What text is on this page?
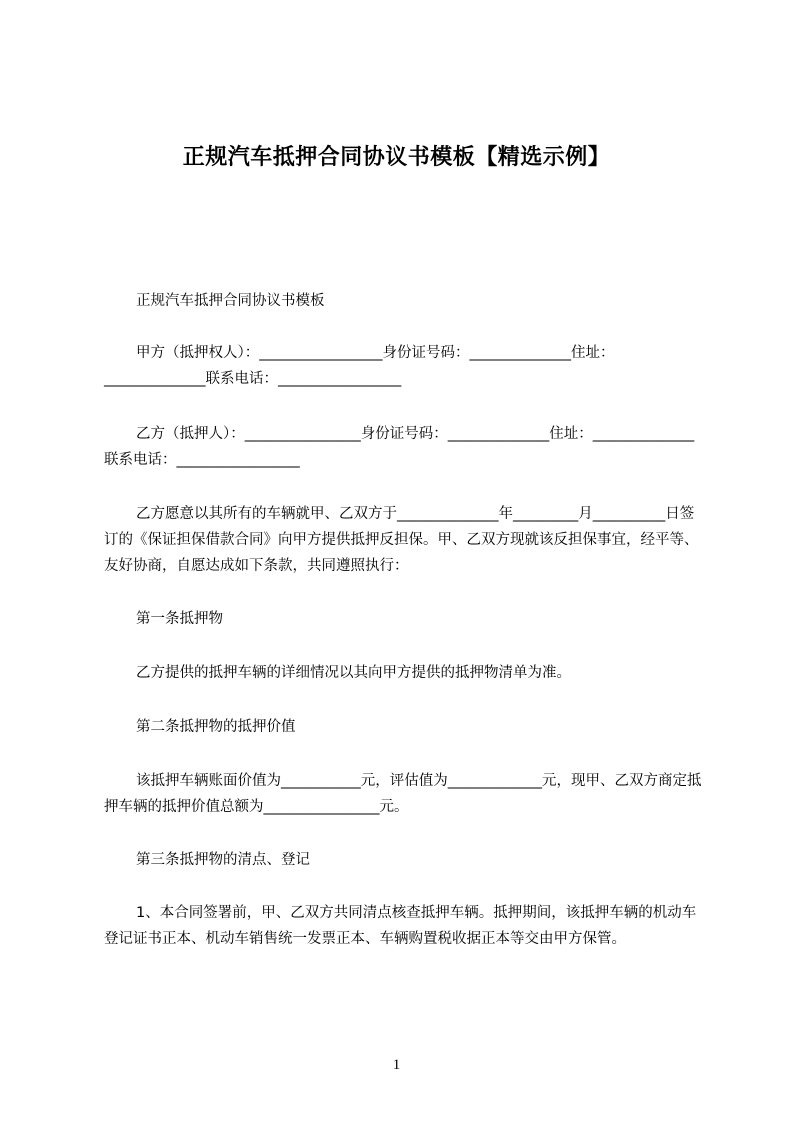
正规汽车抵押合同协议书模板【精选示例】

正规汽车抵押合同协议书模板

甲方（抵押权人）：_________________身份证号码：______________住址：______________联系电话：_________________

乙方（抵押人）：________________身份证号码：______________住址：______________联系电话：_________________

乙方愿意以其所有的车辆就甲、乙双方于______________年_________月__________日签订的《保证担保借款合同》向甲方提供抵押反担保。甲、乙双方现就该反担保事宜，经平等、友好协商，自愿达成如下条款，共同遵照执行：

第一条抵押物

乙方提供的抵押车辆的详细情况以其向甲方提供的抵押物清单为准。

第二条抵押物的抵押价值

该抵押车辆账面价值为___________元，评估值为_____________元，现甲、乙双方商定抵押车辆的抵押价值总额为________________元。

第三条抵押物的清点、登记

1、本合同签署前，甲、乙双方共同清点核查抵押车辆。抵押期间，该抵押车辆的机动车登记证书正本、机动车销售统一发票正本、车辆购置税收据正本等交由甲方保管。

1
